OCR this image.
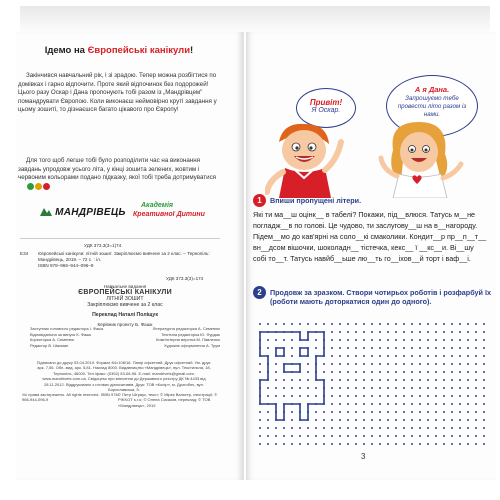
Ідемо на Європейські канікули!
Закінчився навчальний рік, і зі зрадою. Тепер можна розбігтися по домівках і гарно відпочити. Проте який відпочинок без подорожей! Цього разу Оскар і Дана пропонують тобі разом із „Мандрівцем" помандрувати Європою. Коли виконаєш неймовірно круті завдання у цьому зошиті, то дізнаєшся багато цікавого про Європу!
Для того щоб легше тобі було розподілити час на виконання завдань упродовж усього літа, у кінці зошита зелених, жовтим і червоним кольорами подано підказку, якої тобі треба дотримуватися
МАНДРІВЕЦЬ
Академія
Креативної Дитини
УДК 373.3(3=1)74
Е34 Європейські канікули: літній зошит. Закріплюємо вивчене за 2 клас. – Тернопіль: Мандрівець, 2019. – 72 с. : іл.
ISBN 978–966–944–096–9
УДК 373.3(3)=174
Навчальне видання
ЄВРОПЕЙСЬКІ КАНІКУЛИ
ЛІТНІЙ ЗОШИТ
Закріплюємо вивчене за 2 клас
Переклад Наталі Поліщук
Керівник проекту Б. Фашк
Заступник головного редактора І. Фашк	Літературна редакторка А. Семенюк
Відповідальна за випуск К. Фашк	Технічна редакторка Ю. Фурдак
Коректорка А. Семенюк	Комп'ютерна верстка М. Павленко
Редактор В. Шахман	Художнє оформлення А. Трум
Підписано до друку 03.04.2019. Формат 84×108/16. Папір офсетний. Друк офсетний. Ум. друк. арк. 7,56. Обл.-вид. арк. 5,81. Наклад 8000. Видавництво «Мандрівець», вул. Текстильна, 18, Тернопіль, 46000. Тел./факс: (0352) 53-06-96. E-mail: mandrivets@gmail.com. www.mandrivets.com.ua. Свідоцтво про внесення до Державного реєстру ДК № 4433 від 28.11.2012. Віддруковано з готових діапозитивів. Друк: ТОВ «Колір», м. Дрогобич, вул. Бориславська, 5.
Усі права застережено. All rights reserved. ISBN 978-966-944-096-9
© Петр Штраус, текст; © Мірек Вальтер, ілюстрації; © PIKKOT s.r.o; © Олена Сисаков, переклад; © ТОВ «Мандрівець», 2019
Привіт!
Я Оскар.
А я Дана.
Запрошуємо тебе провести літо разом із нами.
1	Впиши пропущені літери.
Які ти ма__ш оцінк__ в табелі? Покажи, під__влюся. Татусь м__не погладж__в по голові. Це чудово, ти заслугову__ш на в__нагороду. Підем__мо до кав'ярні на соло__кі смаколики. Кондит__р пр__п__т__ вн__дсом вішочки, шоколадн__ тістечка, кекс__ ї __кс__и. Ві__шу собі то__т. Татусь навйб__ьше лю__ть го__іхов__й торт і ваф__і.
2	Продовж за зразком. Створи чотирьох роботів і розфарбуй їх (роботи мають доторкатися один до одного).
3
